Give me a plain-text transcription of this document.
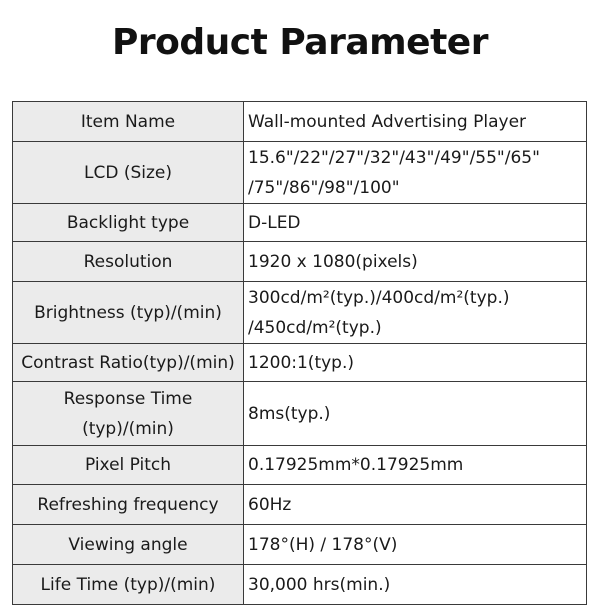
Product Parameter
Item Name	Wall-mounted Advertising Player
LCD (Size)	15.6"/22"/27"/32"/43"/49"/55"/65"
/75"/86"/98"/100"

Backlight type	D-LED
Resolution	1920 x 1080(pixels)
Brightness (typ)/(min)	300cd/m²(typ.)/400cd/m²(typ.)
/450cd/m²(typ.)

Contrast Ratio(typ)/(min)	1200:1(typ.)

Response Time
(typ)/(min)	8ms(typ.)
Pixel Pitch	0.17925mm*0.17925mm
Refreshing frequency	60Hz
Viewing angle	178°(H) / 178°(V)
Life Time (typ)/(min)	30,000 hrs(min.)
